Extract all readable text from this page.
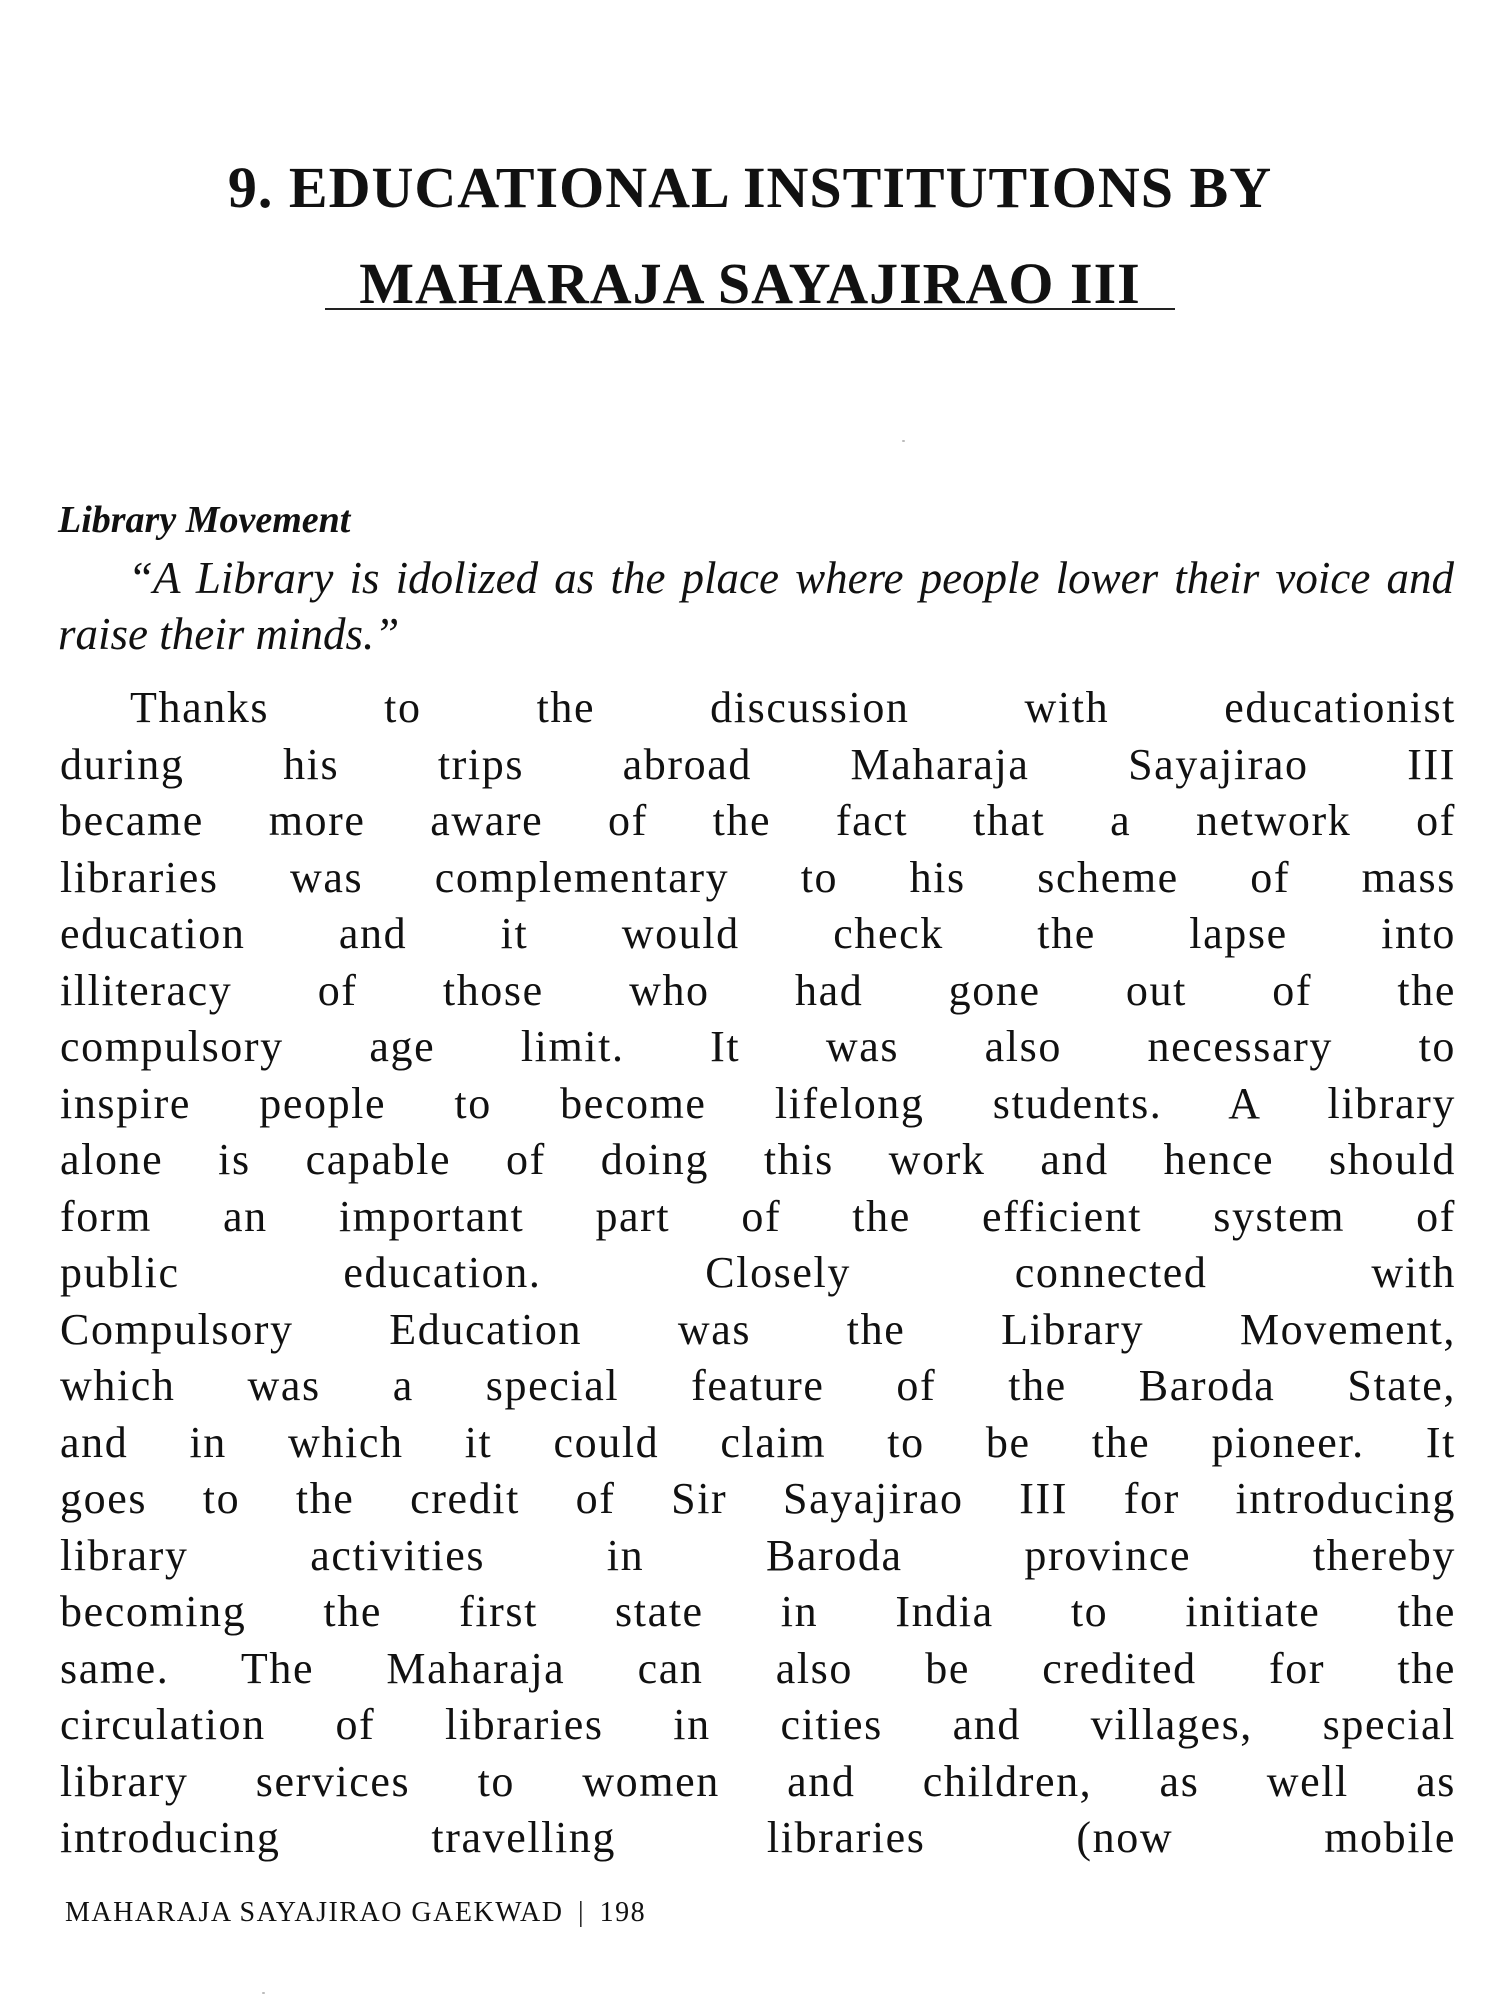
9. EDUCATIONAL INSTITUTIONS BY
MAHARAJA SAYAJIRAO III
Library Movement

“A Library is idolized as the place where people lower their voice and raise their minds.”

Thanks to the discussion with educationist
during his trips abroad Maharaja Sayajirao III
became more aware of the fact that a network of
libraries was complementary to his scheme of mass
education and it would check the lapse into
illiteracy of those who had gone out of the
compulsory age limit. It was also necessary to
inspire people to become lifelong students. A library
alone is capable of doing this work and hence should
form an important part of the efficient system of
public education. Closely connected with
Compulsory Education was the Library Movement,
which was a special feature of the Baroda State,
and in which it could claim to be the pioneer. It
goes to the credit of Sir Sayajirao III for introducing
library activities in Baroda province thereby
becoming the first state in India to initiate the
same. The Maharaja can also be credited for the
circulation of libraries in cities and villages, special
library services to women and children, as well as
introducing travelling libraries (now mobile

MAHARAJA SAYAJIRAO GAEKWAD | 198
